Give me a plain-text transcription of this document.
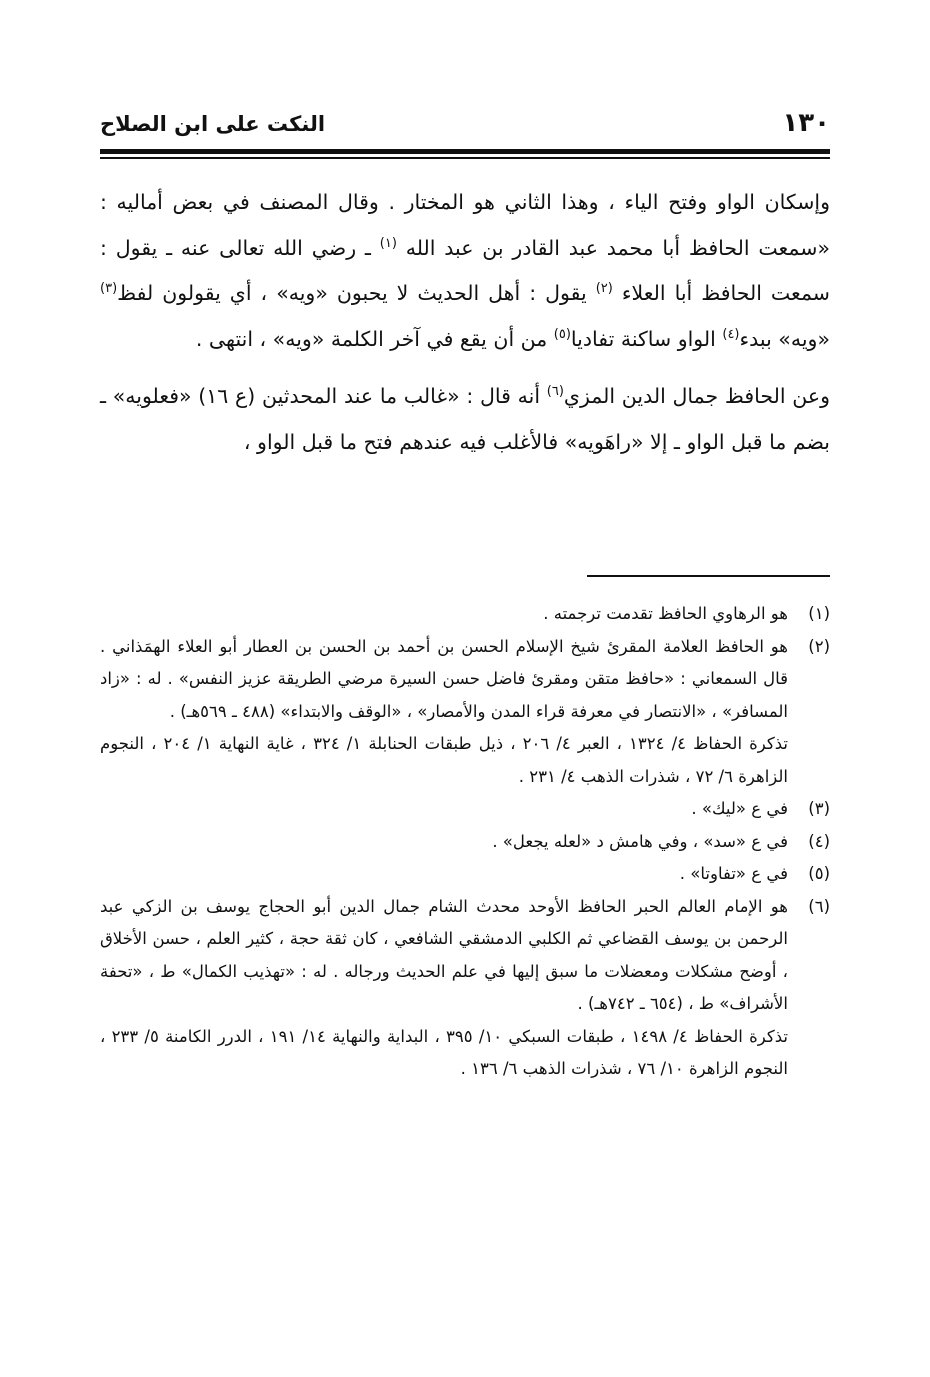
النكت على ابن الصلاح	١٣٠

وإسكان الواو وفتح الياء ، وهذا الثاني هو المختار . وقال المصنف في بعض أماليه : «سمعت الحافظ أبا محمد عبد القادر بن عبد الله $^{(١)}$ ـ رضي الله تعالى عنه ـ يقول : سمعت الحافظ أبا العلاء $^{(٢)}$ يقول : أهل الحديث لا يحبون «ويه» ، أي يقولون لفظ$^{(٣)}$ «ويه» ببدء$^{(٤)}$ الواو ساكنة تفاديا$^{(٥)}$ من أن يقع في آخر الكلمة «ويه» ، انتهى .

وعن الحافظ جمال الدين المزي$^{(٦)}$ أنه قال : «غالب ما عند المحدثين (ع ١٦) «فعلويه» ـ بضم ما قبل الواو ـ إلا «راهَويه» فالأغلب فيه عندهم فتح ما قبل الواو ،

(١)
هو الرهاوي الحافظ تقدمت ترجمته .
(٢)
هو الحافظ العلامة المقرئ شيخ الإسلام الحسن بن أحمد بن الحسن بن العطار أبو العلاء الهمَذاني . قال السمعاني : «حافظ متقن ومقرئ فاضل حسن السيرة مرضي الطريقة عزيز النفس» . له : «زاد المسافر» ، «الانتصار في معرفة قراء المدن والأمصار» ، «الوقف والابتداء» (٤٨٨ ـ ٥٦٩هـ) .
تذكرة الحفاظ ٤/ ١٣٢٤ ، العبر ٤/ ٢٠٦ ، ذيل طبقات الحنابلة ١/ ٣٢٤ ، غاية النهاية ١/ ٢٠٤ ، النجوم الزاهرة ٦/ ٧٢ ، شذرات الذهب ٤/ ٢٣١ .
(٣)
في ع «ليك» .
(٤)
في ع «سد» ، وفي هامش د «لعله يجعل» .
(٥)
في ع «تفاوتا» .
(٦)
هو الإمام العالم الحبر الحافظ الأوحد محدث الشام جمال الدين أبو الحجاج يوسف بن الزكي عبد الرحمن بن يوسف القضاعي ثم الكلبي الدمشقي الشافعي ، كان ثقة حجة ، كثير العلم ، حسن الأخلاق ، أوضح مشكلات ومعضلات ما سبق إليها في علم الحديث ورجاله . له : «تهذيب الكمال» ط ، «تحفة الأشراف» ط ، (٦٥٤ ـ ٧٤٢هـ) .
تذكرة الحفاظ ٤/ ١٤٩٨ ، طبقات السبكي ١٠/ ٣٩٥ ، البداية والنهاية ١٤/ ١٩١ ، الدرر الكامنة ٥/ ٢٣٣ ، النجوم الزاهرة ١٠/ ٧٦ ، شذرات الذهب ٦/ ١٣٦ .
